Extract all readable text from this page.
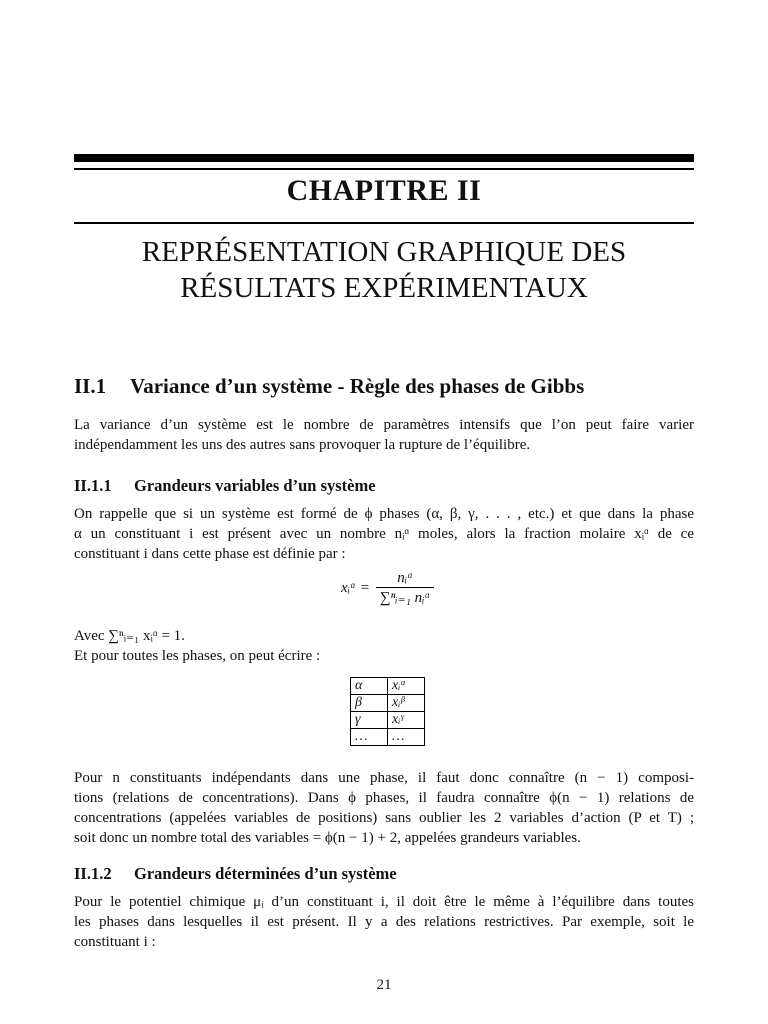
CHAPITRE II
REPRÉSENTATION GRAPHIQUE DES
RÉSULTATS EXPÉRIMENTAUX
II.1 Variance d’un système - Règle des phases de Gibbs
La variance d’un système est le nombre de paramètres intensifs que l’on peut faire varier
indépendamment les uns des autres sans provoquer la rupture de l’équilibre.
II.1.1 Grandeurs variables d’un système
On rappelle que si un système est formé de ϕ phases (α, β, γ, . . . , etc.) et que dans la phase
α un constituant i est présent avec un nombre nᵢᵅ moles, alors la fraction molaire xᵢᵅ de ce
constituant i dans cette phase est définie par :
xᵢᵅ =	nᵢᵅ
∑ⁿᵢ₌₁ nᵢᵅ
Avec ∑ⁿᵢ₌₁ xᵢᵅ = 1.
Et pour toutes les phases, on peut écrire :
α	xᵢᵅ
β	xᵢᵝ
γ	xᵢᵞ
…	…
Pour n constituants indépendants dans une phase, il faut donc connaître (n − 1) composi-
tions (relations de concentrations). Dans ϕ phases, il faudra connaître ϕ(n − 1) relations de
concentrations (appelées variables de positions) sans oublier les 2 variables d’action (P et T) ;
soit donc un nombre total des variables = ϕ(n − 1) + 2, appelées grandeurs variables.
II.1.2 Grandeurs déterminées d’un système
Pour le potentiel chimique μᵢ d’un constituant i, il doit être le même à l’équilibre dans toutes
les phases dans lesquelles il est présent. Il y a des relations restrictives. Par exemple, soit le
constituant i :
21
